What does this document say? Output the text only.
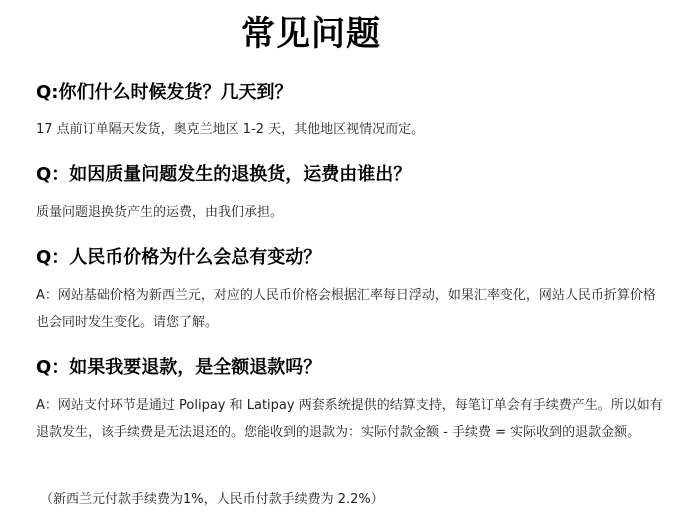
常见问题
Q:你们什么时候发货？几天到？
17 点前订单隔天发货，奥克兰地区 1-2 天，其他地区视情况而定。
Q：如因质量问题发生的退换货，运费由谁出？
质量问题退换货产生的运费，由我们承担。
Q：人民币价格为什么会总有变动？
A：网站基础价格为新西兰元，对应的人民币价格会根据汇率每日浮动，如果汇率变化，网站人民币折算价格也会同时发生变化。请您了解。
Q：如果我要退款，是全额退款吗？
A：网站支付环节是通过 Polipay 和 Latipay 两套系统提供的结算支持，每笔订单会有手续费产生。所以如有退款发生，该手续费是无法退还的。您能收到的退款为：实际付款金额 - 手续费 = 实际收到的退款金额。
（新西兰元付款手续费为1%，人民币付款手续费为 2.2%）
